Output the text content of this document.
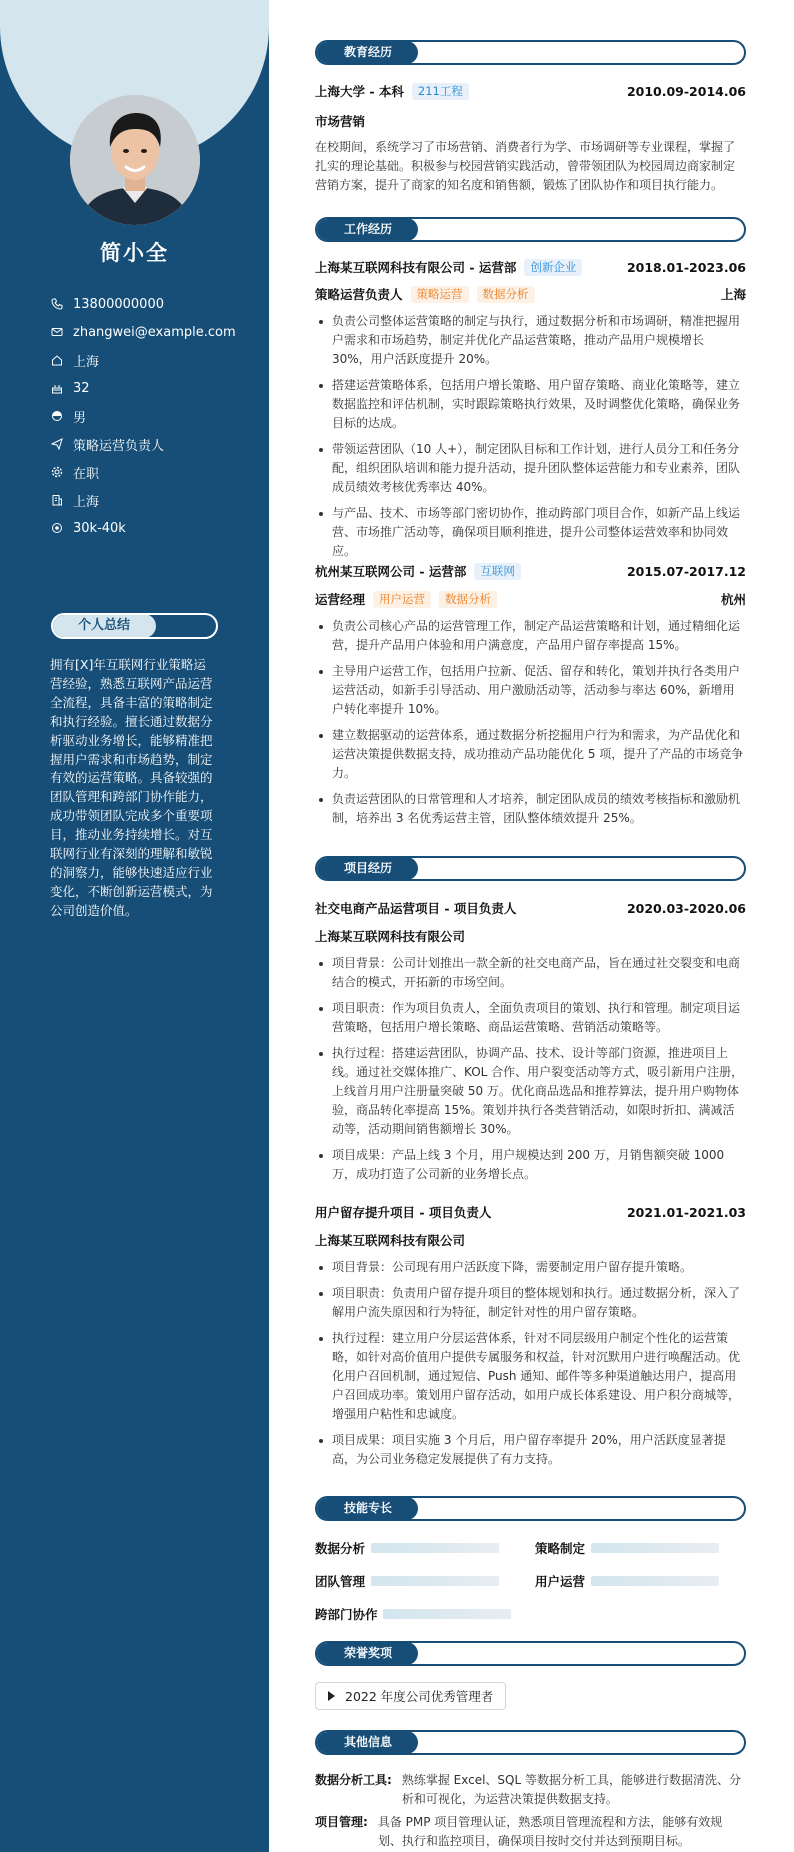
简小全
13800000000
zhangwei@example.com
上海
32
男
策略运营负责人
在职
上海
30k-40k
个人总结
拥有[X]年互联网行业策略运营经验，熟悉互联网产品运营全流程，具备丰富的策略制定和执行经验。擅长通过数据分析驱动业务增长，能够精准把握用户需求和市场趋势，制定有效的运营策略。具备较强的团队管理和跨部门协作能力，成功带领团队完成多个重要项目，推动业务持续增长。对互联网行业有深刻的理解和敏锐的洞察力，能够快速适应行业变化，不断创新运营模式，为公司创造价值。
教育经历
上海大学 - 本科	211工程	2010.09-2014.06
市场营销
在校期间，系统学习了市场营销、消费者行为学、市场调研等专业课程，掌握了扎实的理论基础。积极参与校园营销实践活动，曾带领团队为校园周边商家制定营销方案，提升了商家的知名度和销售额，锻炼了团队协作和项目执行能力。
工作经历
上海某互联网科技有限公司 - 运营部	创新企业	2018.01-2023.06
策略运营负责人	策略运营	数据分析	上海
负责公司整体运营策略的制定与执行，通过数据分析和市场调研，精准把握用户需求和市场趋势，制定并优化产品运营策略，推动产品用户规模增长 30%，用户活跃度提升 20%。
搭建运营策略体系，包括用户增长策略、用户留存策略、商业化策略等，建立数据监控和评估机制，实时跟踪策略执行效果，及时调整优化策略，确保业务目标的达成。
带领运营团队（10 人+），制定团队目标和工作计划，进行人员分工和任务分配，组织团队培训和能力提升活动，提升团队整体运营能力和专业素养，团队成员绩效考核优秀率达 40%。
与产品、技术、市场等部门密切协作，推动跨部门项目合作，如新产品上线运营、市场推广活动等，确保项目顺利推进，提升公司整体运营效率和协同效应。
杭州某互联网公司 - 运营部	互联网	2015.07-2017.12
运营经理	用户运营	数据分析	杭州
负责公司核心产品的运营管理工作，制定产品运营策略和计划，通过精细化运营，提升产品用户体验和用户满意度，产品用户留存率提高 15%。
主导用户运营工作，包括用户拉新、促活、留存和转化，策划并执行各类用户运营活动，如新手引导活动、用户激励活动等，活动参与率达 60%，新增用户转化率提升 10%。
建立数据驱动的运营体系，通过数据分析挖掘用户行为和需求，为产品优化和运营决策提供数据支持，成功推动产品功能优化 5 项，提升了产品的市场竞争力。
负责运营团队的日常管理和人才培养，制定团队成员的绩效考核指标和激励机制，培养出 3 名优秀运营主管，团队整体绩效提升 25%。
项目经历
社交电商产品运营项目 - 项目负责人	2020.03-2020.06
上海某互联网科技有限公司
项目背景：公司计划推出一款全新的社交电商产品，旨在通过社交裂变和电商结合的模式，开拓新的市场空间。
项目职责：作为项目负责人，全面负责项目的策划、执行和管理。制定项目运营策略，包括用户增长策略、商品运营策略、营销活动策略等。
执行过程：搭建运营团队，协调产品、技术、设计等部门资源，推进项目上线。通过社交媒体推广、KOL 合作、用户裂变活动等方式，吸引新用户注册，上线首月用户注册量突破 50 万。优化商品选品和推荐算法，提升用户购物体验，商品转化率提高 15%。策划并执行各类营销活动，如限时折扣、满减活动等，活动期间销售额增长 30%。
项目成果：产品上线 3 个月，用户规模达到 200 万，月销售额突破 1000 万，成功打造了公司新的业务增长点。
用户留存提升项目 - 项目负责人	2021.01-2021.03
上海某互联网科技有限公司
项目背景：公司现有用户活跃度下降，需要制定用户留存提升策略。
项目职责：负责用户留存提升项目的整体规划和执行。通过数据分析，深入了解用户流失原因和行为特征，制定针对性的用户留存策略。
执行过程：建立用户分层运营体系，针对不同层级用户制定个性化的运营策略，如针对高价值用户提供专属服务和权益，针对沉默用户进行唤醒活动。优化用户召回机制，通过短信、Push 通知、邮件等多种渠道触达用户，提高用户召回成功率。策划用户留存活动，如用户成长体系建设、用户积分商城等，增强用户粘性和忠诚度。
项目成果：项目实施 3 个月后，用户留存率提升 20%，用户活跃度显著提高，为公司业务稳定发展提供了有力支持。
技能专长
数据分析	策略制定
团队管理	用户运营
跨部门协作
荣誉奖项
2022 年度公司优秀管理者
其他信息
数据分析工具: 熟练掌握 Excel、SQL 等数据分析工具，能够进行数据清洗、分析和可视化，为运营决策提供数据支持。
项目管理: 具备 PMP 项目管理认证，熟悉项目管理流程和方法，能够有效规划、执行和监控项目，确保项目按时交付并达到预期目标。
